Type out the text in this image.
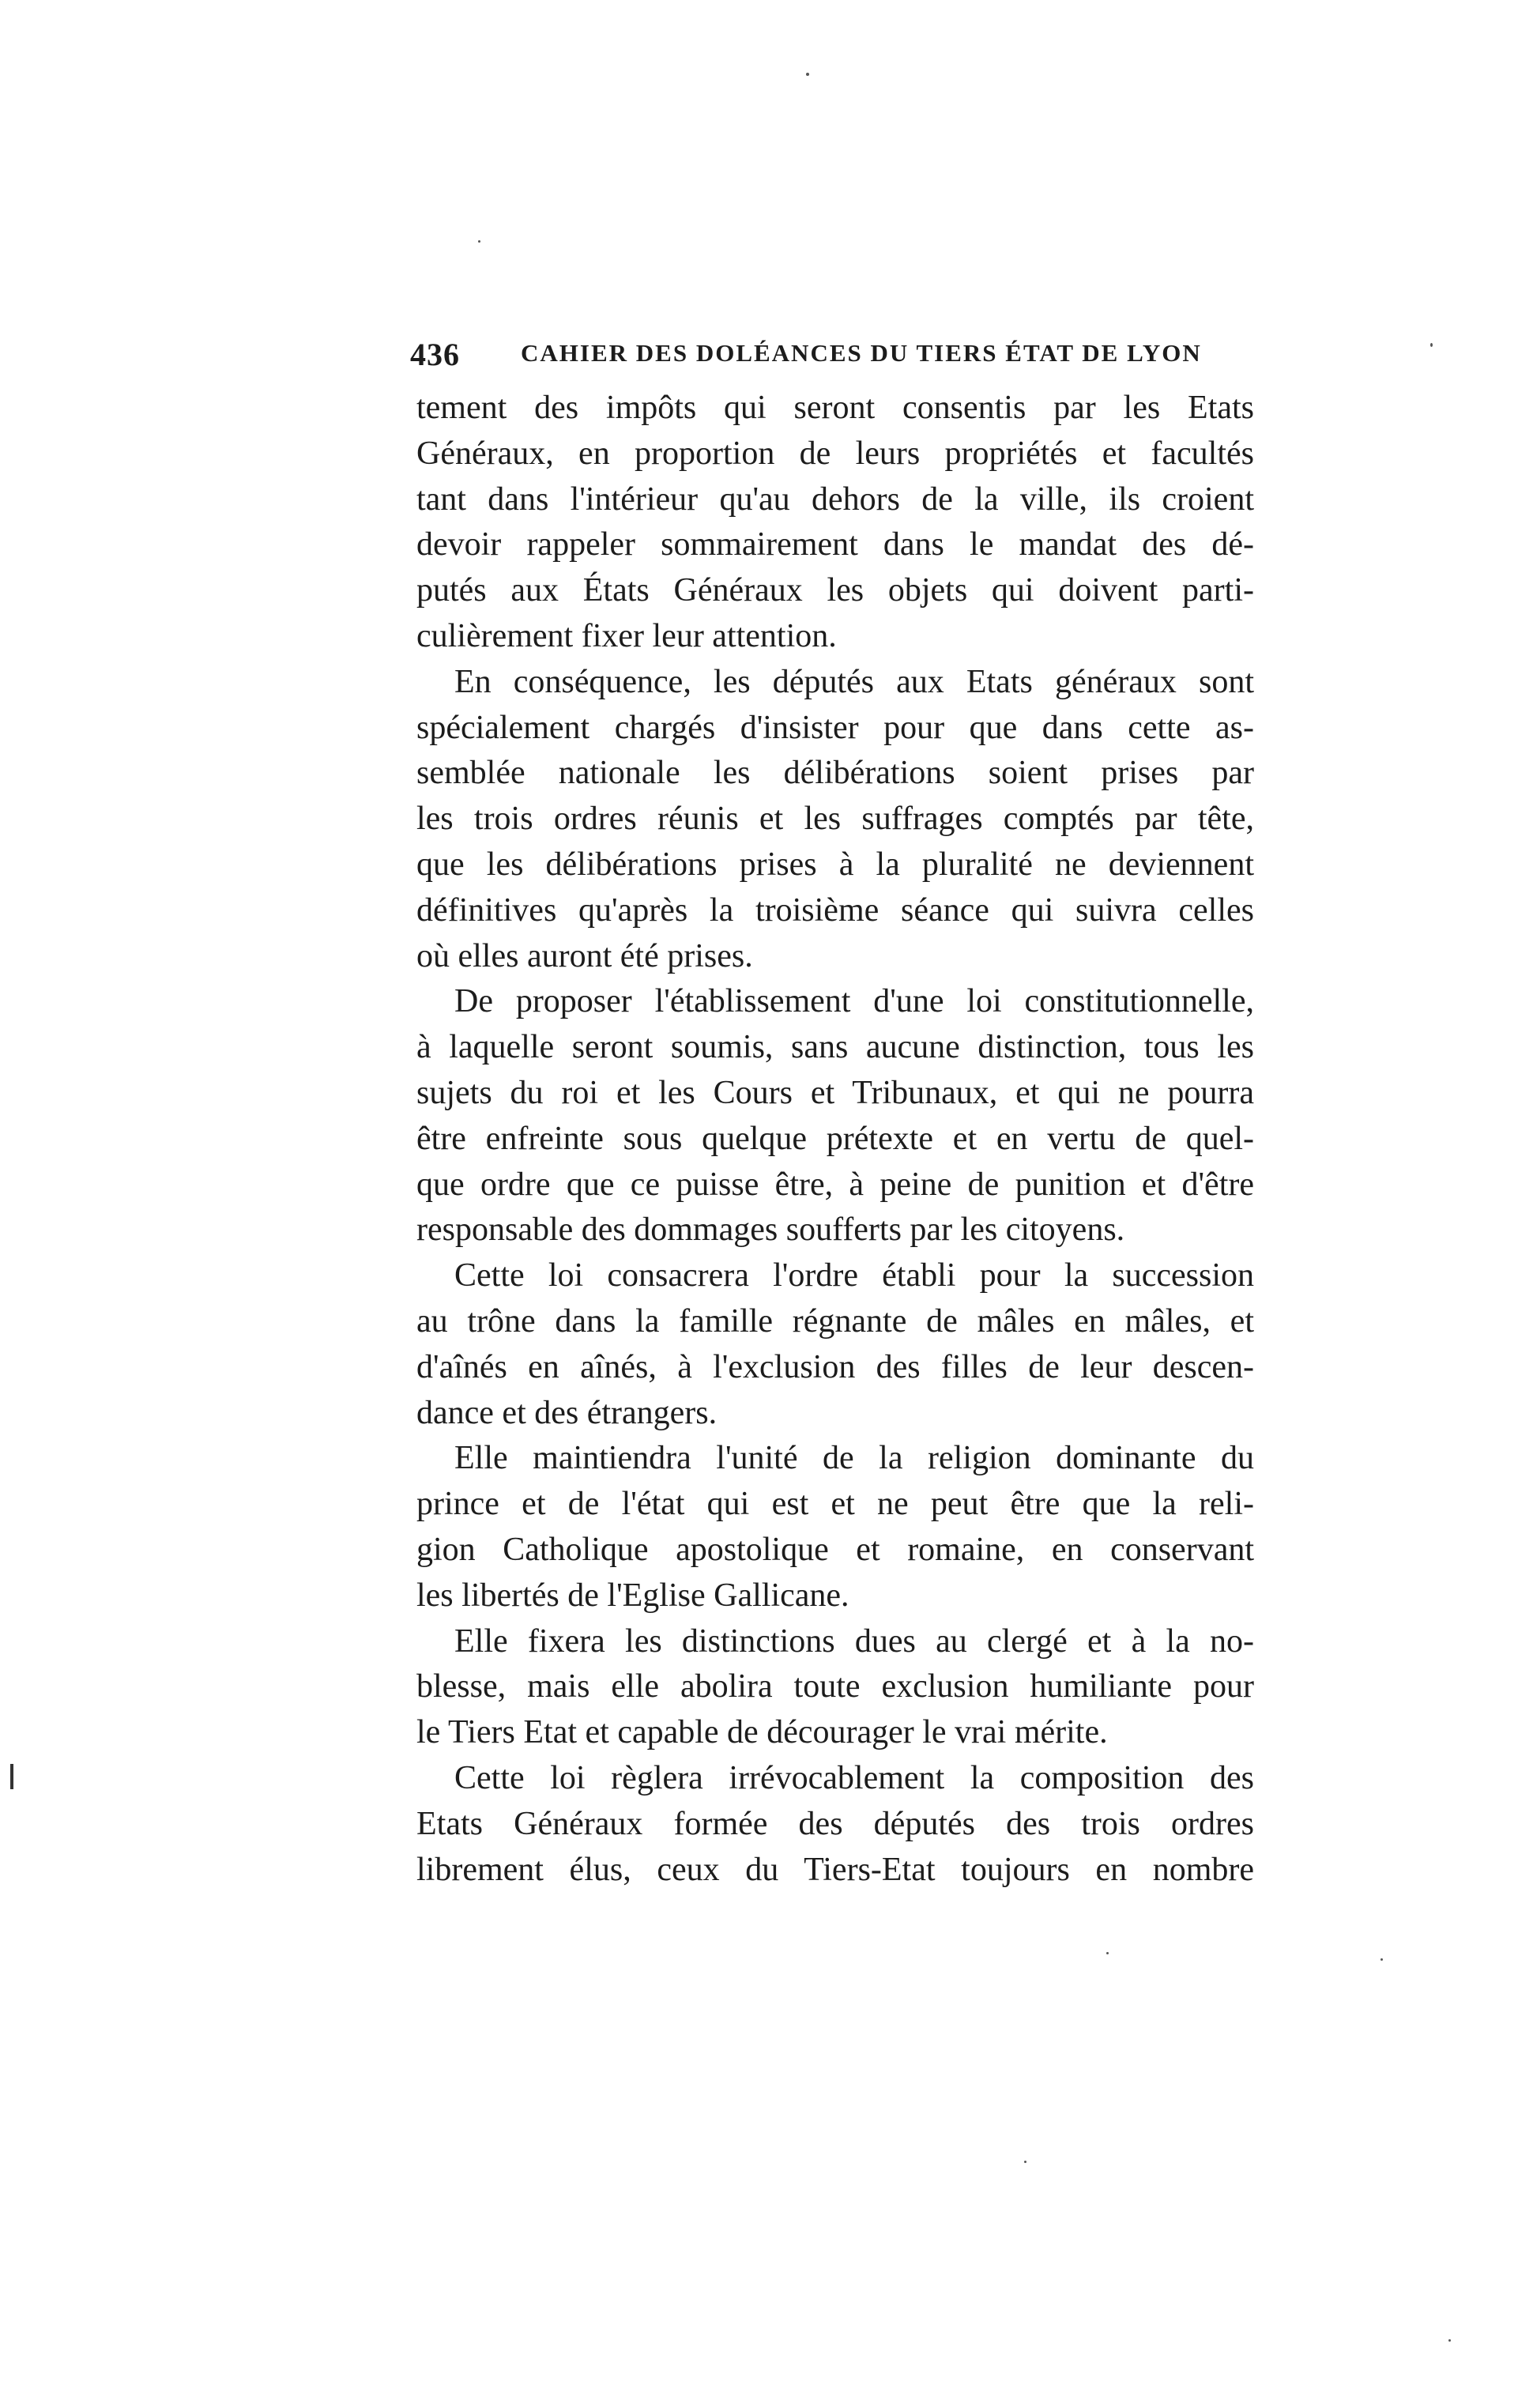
436 CAHIER DES DOLÉANCES DU TIERS ÉTAT DE LYON
tement des impôts qui seront consentis par les Etats
Généraux, en proportion de leurs propriétés et facultés
tant dans l'intérieur qu'au dehors de la ville, ils croient
devoir rappeler sommairement dans le mandat des dé-
putés aux États Généraux les objets qui doivent parti-
culièrement fixer leur attention.
En conséquence, les députés aux Etats généraux sont
spécialement chargés d'insister pour que dans cette as-
semblée nationale les délibérations soient prises par
les trois ordres réunis et les suffrages comptés par tête,
que les délibérations prises à la pluralité ne deviennent
définitives qu'après la troisième séance qui suivra celles
où elles auront été prises.
De proposer l'établissement d'une loi constitutionnelle,
à laquelle seront soumis, sans aucune distinction, tous les
sujets du roi et les Cours et Tribunaux, et qui ne pourra
être enfreinte sous quelque prétexte et en vertu de quel-
que ordre que ce puisse être, à peine de punition et d'être
responsable des dommages soufferts par les citoyens.
Cette loi consacrera l'ordre établi pour la succession
au trône dans la famille régnante de mâles en mâles, et
d'aînés en aînés, à l'exclusion des filles de leur descen-
dance et des étrangers.
Elle maintiendra l'unité de la religion dominante du
prince et de l'état qui est et ne peut être que la reli-
gion Catholique apostolique et romaine, en conservant
les libertés de l'Eglise Gallicane.
Elle fixera les distinctions dues au clergé et à la no-
blesse, mais elle abolira toute exclusion humiliante pour
le Tiers Etat et capable de décourager le vrai mérite.
Cette loi règlera irrévocablement la composition des
Etats Généraux formée des députés des trois ordres
librement élus, ceux du Tiers-Etat toujours en nombre
